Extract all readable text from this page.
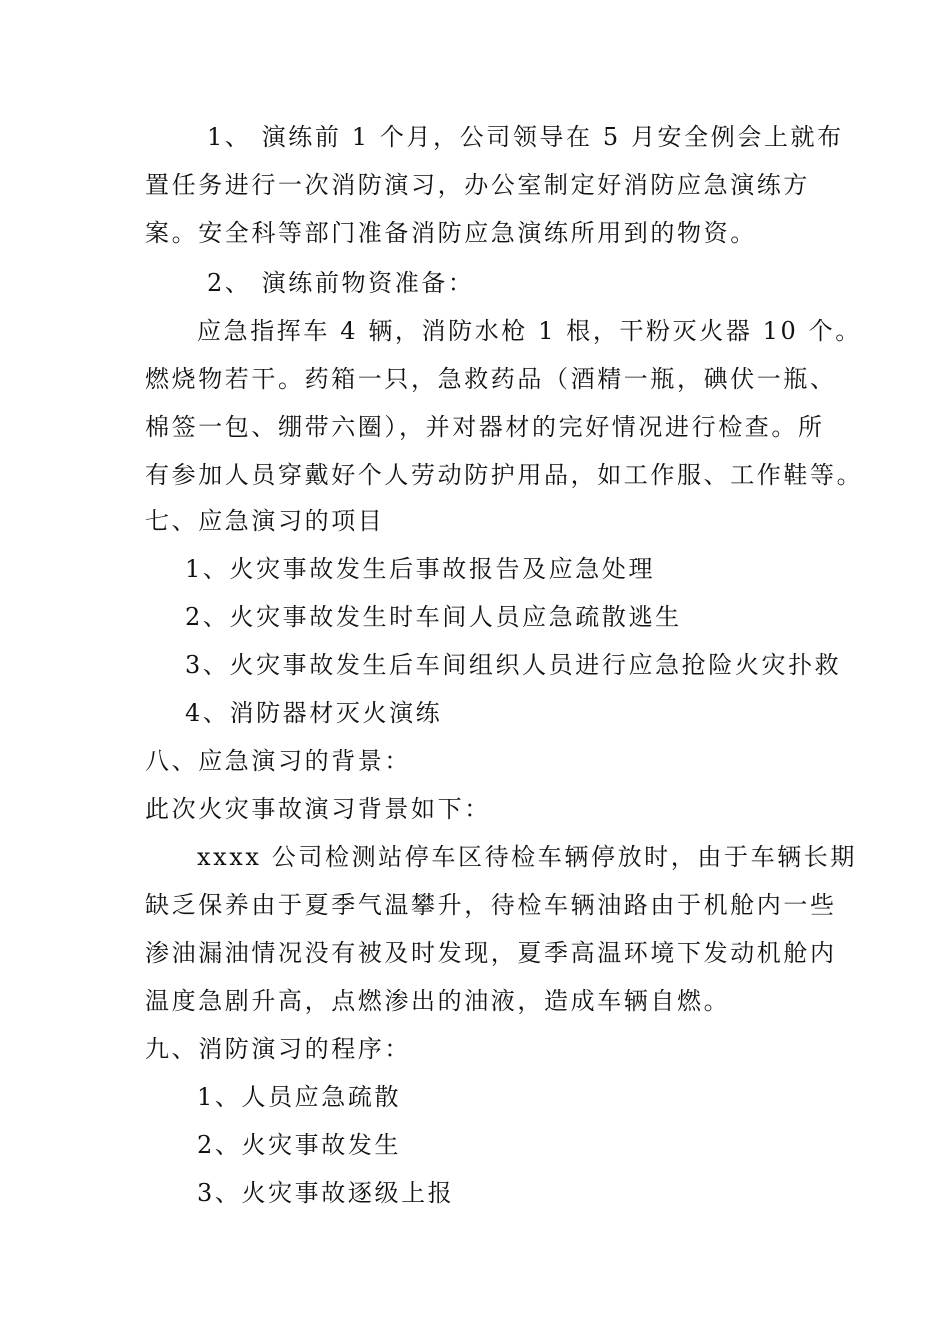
1、 演练前 1 个月，公司领导在 5 月安全例会上就布
置任务进行一次消防演习，办公室制定好消防应急演练方
案。安全科等部门准备消防应急演练所用到的物资。
2、 演练前物资准备：
应急指挥车 4 辆，消防水枪 1 根，干粉灭火器 10 个。
燃烧物若干。药箱一只，急救药品（酒精一瓶，碘伏一瓶、
棉签一包、绷带六圈），并对器材的完好情况进行检查。所
有参加人员穿戴好个人劳动防护用品，如工作服、工作鞋等。
七、应急演习的项目
1、火灾事故发生后事故报告及应急处理
2、火灾事故发生时车间人员应急疏散逃生
3、火灾事故发生后车间组织人员进行应急抢险火灾扑救
4、消防器材灭火演练
八、应急演习的背景：
此次火灾事故演习背景如下：
xxxx 公司检测站停车区待检车辆停放时，由于车辆长期
缺乏保养由于夏季气温攀升，待检车辆油路由于机舱内一些
渗油漏油情况没有被及时发现，夏季高温环境下发动机舱内
温度急剧升高，点燃渗出的油液，造成车辆自燃。
九、消防演习的程序：
1、人员应急疏散
2、火灾事故发生
3、火灾事故逐级上报
